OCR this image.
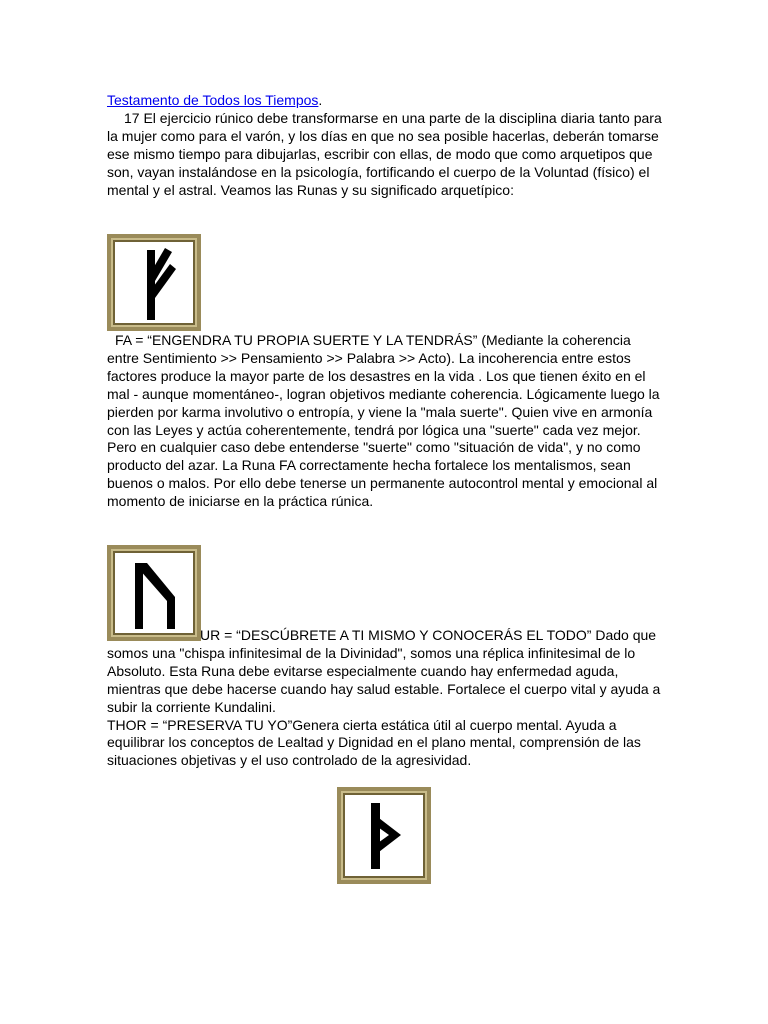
Testamento de Todos los Tiempos.

17 El ejercicio rúnico debe transformarse en una parte de la disciplina diaria tanto para la mujer como para el varón, y los días en que no sea posible hacerlas, deberán tomarse ese mismo tiempo para dibujarlas, escribir con ellas, de modo que como arquetipos que son, vayan instalándose en la psicología, fortificando el cuerpo de la Voluntad (físico) el mental y el astral. Veamos las Runas y su significado arquetípico:

FA = “ENGENDRA TU PROPIA SUERTE Y LA TENDRÁS” (Mediante la coherencia entre Sentimiento >> Pensamiento >> Palabra >> Acto). La incoherencia entre estos factores produce la mayor parte de los desastres en la vida . Los que tienen éxito en el mal - aunque momentáneo-, logran objetivos mediante coherencia. Lógicamente luego la pierden por karma involutivo o entropía, y viene la "mala suerte". Quien vive en armonía con las Leyes y actúa coherentemente, tendrá por lógica una "suerte" cada vez mejor. Pero en cualquier caso debe entenderse "suerte" como "situación de vida", y no como producto del azar. La Runa FA correctamente hecha fortalece los mentalismos, sean buenos o malos. Por ello debe tenerse un permanente autocontrol mental y emocional al momento de iniciarse en la práctica rúnica.

UR = “DESCÚBRETE A TI MISMO Y CONOCERÁS EL TODO” Dado que somos una "chispa infinitesimal de la Divinidad", somos una réplica infinitesimal de lo Absoluto. Esta Runa debe evitarse especialmente cuando hay enfermedad aguda, mientras que debe hacerse cuando hay salud estable. Fortalece el cuerpo vital y ayuda a subir la corriente Kundalini.

THOR = “PRESERVA TU YO”Genera cierta estática útil al cuerpo mental. Ayuda a equilibrar los conceptos de Lealtad y Dignidad en el plano mental, comprensión de las situaciones objetivas y el uso controlado de la agresividad.
